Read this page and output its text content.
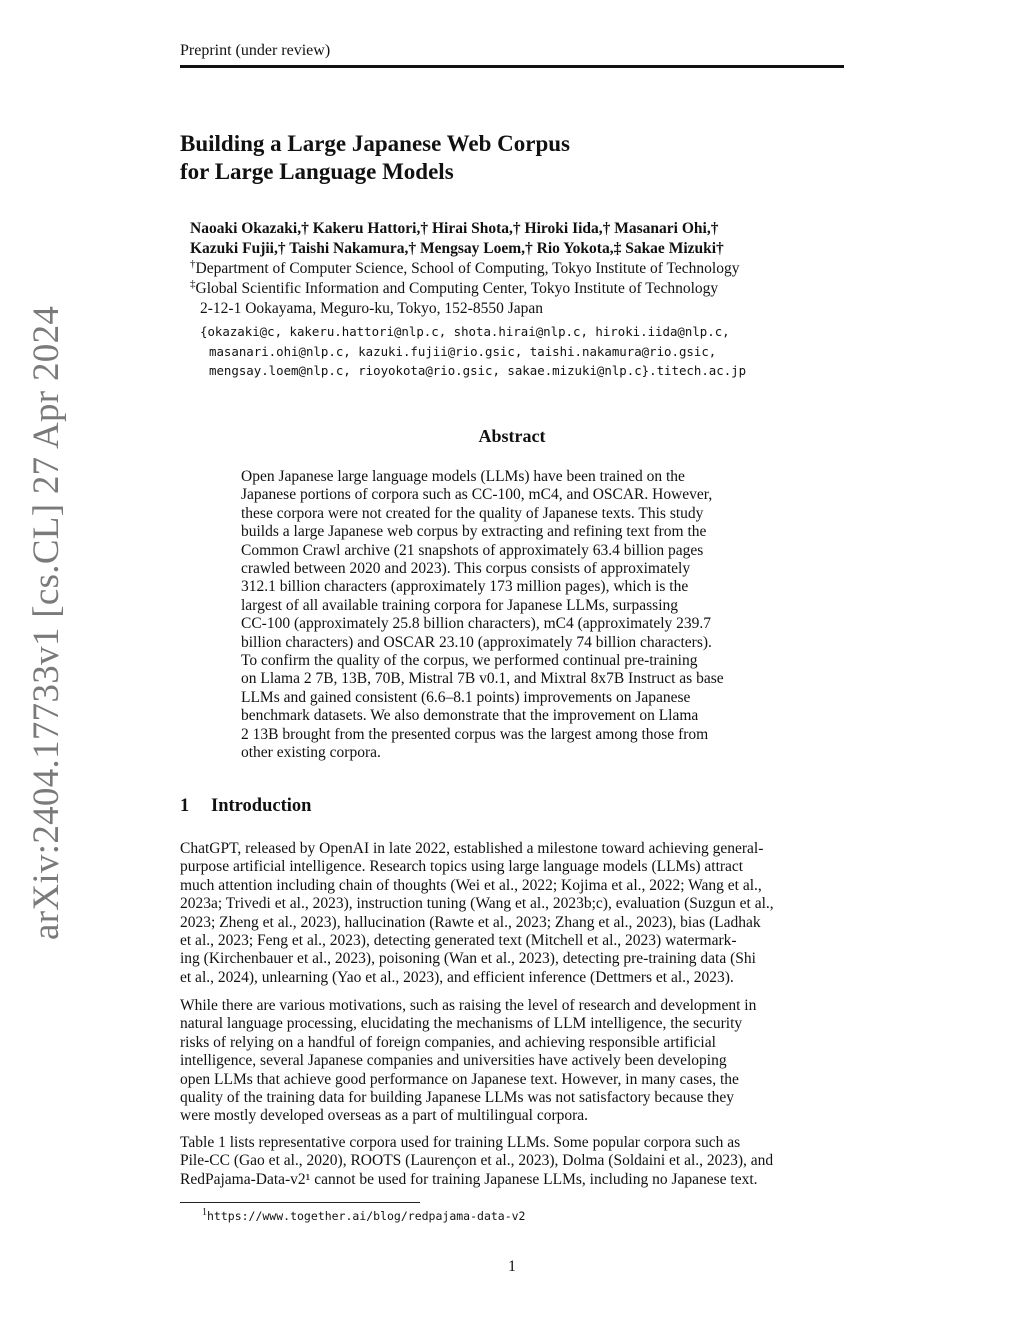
arXiv:2404.17733v1 [cs.CL] 27 Apr 2024
Preprint (under review)
Building a Large Japanese Web Corpus
for Large Language Models
Naoaki Okazaki,† Kakeru Hattori,† Hirai Shota,† Hiroki Iida,† Masanari Ohi,†
Kazuki Fujii,† Taishi Nakamura,† Mengsay Loem,† Rio Yokota,‡ Sakae Mizuki†
†Department of Computer Science, School of Computing, Tokyo Institute of Technology
‡Global Scientific Information and Computing Center, Tokyo Institute of Technology
2-12-1 Ookayama, Meguro-ku, Tokyo, 152-8550 Japan
{okazaki@c, kakeru.hattori@nlp.c, shota.hirai@nlp.c, hiroki.iida@nlp.c,
masanari.ohi@nlp.c, kazuki.fujii@rio.gsic, taishi.nakamura@rio.gsic,
mengsay.loem@nlp.c, rioyokota@rio.gsic, sakae.mizuki@nlp.c}.titech.ac.jp
Abstract
Open Japanese large language models (LLMs) have been trained on the
Japanese portions of corpora such as CC-100, mC4, and OSCAR. However,
these corpora were not created for the quality of Japanese texts. This study
builds a large Japanese web corpus by extracting and refining text from the
Common Crawl archive (21 snapshots of approximately 63.4 billion pages
crawled between 2020 and 2023). This corpus consists of approximately
312.1 billion characters (approximately 173 million pages), which is the
largest of all available training corpora for Japanese LLMs, surpassing
CC-100 (approximately 25.8 billion characters), mC4 (approximately 239.7
billion characters) and OSCAR 23.10 (approximately 74 billion characters).
To confirm the quality of the corpus, we performed continual pre-training
on Llama 2 7B, 13B, 70B, Mistral 7B v0.1, and Mixtral 8x7B Instruct as base
LLMs and gained consistent (6.6–8.1 points) improvements on Japanese
benchmark datasets. We also demonstrate that the improvement on Llama
2 13B brought from the presented corpus was the largest among those from
other existing corpora.
1 Introduction
ChatGPT, released by OpenAI in late 2022, established a milestone toward achieving general-
purpose artificial intelligence. Research topics using large language models (LLMs) attract
much attention including chain of thoughts (Wei et al., 2022; Kojima et al., 2022; Wang et al.,
2023a; Trivedi et al., 2023), instruction tuning (Wang et al., 2023b;c), evaluation (Suzgun et al.,
2023; Zheng et al., 2023), hallucination (Rawte et al., 2023; Zhang et al., 2023), bias (Ladhak
et al., 2023; Feng et al., 2023), detecting generated text (Mitchell et al., 2023) watermark-
ing (Kirchenbauer et al., 2023), poisoning (Wan et al., 2023), detecting pre-training data (Shi
et al., 2024), unlearning (Yao et al., 2023), and efficient inference (Dettmers et al., 2023).
While there are various motivations, such as raising the level of research and development in
natural language processing, elucidating the mechanisms of LLM intelligence, the security
risks of relying on a handful of foreign companies, and achieving responsible artificial
intelligence, several Japanese companies and universities have actively been developing
open LLMs that achieve good performance on Japanese text. However, in many cases, the
quality of the training data for building Japanese LLMs was not satisfactory because they
were mostly developed overseas as a part of multilingual corpora.
Table 1 lists representative corpora used for training LLMs. Some popular corpora such as
Pile-CC (Gao et al., 2020), ROOTS (Laurençon et al., 2023), Dolma (Soldaini et al., 2023), and
RedPajama-Data-v2¹ cannot be used for training Japanese LLMs, including no Japanese text.
$^1$https://www.together.ai/blog/redpajama-data-v2
1
